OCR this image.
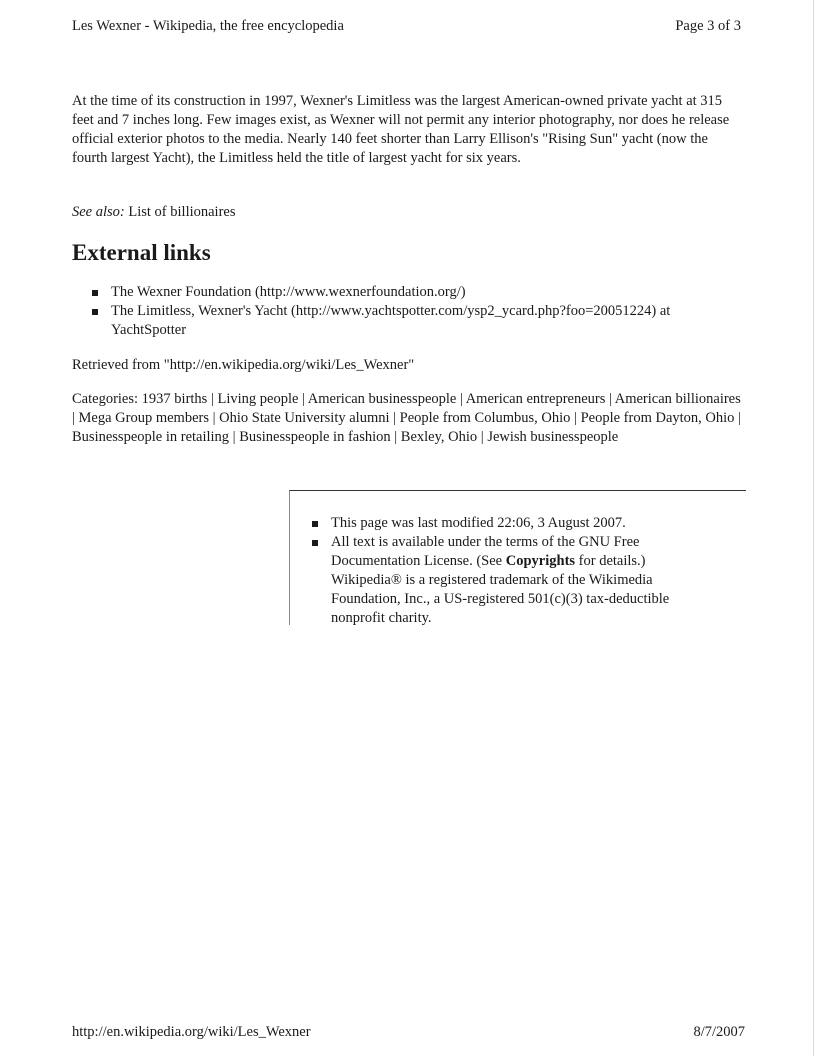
Les Wexner - Wikipedia, the free encyclopedia	Page 3 of 3

At the time of its construction in 1997, Wexner's Limitless was the largest American-owned private yacht at 315 feet and 7 inches long. Few images exist, as Wexner will not permit any interior photography, nor does he release official exterior photos to the media. Nearly 140 feet shorter than Larry Ellison's "Rising Sun" yacht (now the fourth largest Yacht), the Limitless held the title of largest yacht for six years.

See also: List of billionaires

External links
The Wexner Foundation (http://www.wexnerfoundation.org/)
The Limitless, Wexner's Yacht (http://www.yachtspotter.com/ysp2_ycard.php?foo=20051224) at YachtSpotter

Retrieved from "http://en.wikipedia.org/wiki/Les_Wexner"

Categories: 1937 births | Living people | American businesspeople | American entrepreneurs | American billionaires | Mega Group members | Ohio State University alumni | People from Columbus, Ohio | People from Dayton, Ohio | Businesspeople in retailing | Businesspeople in fashion | Bexley, Ohio | Jewish businesspeople

This page was last modified 22:06, 3 August 2007.
All text is available under the terms of the GNU Free Documentation License. (See Copyrights for details.) Wikipedia® is a registered trademark of the Wikimedia Foundation, Inc., a US-registered 501(c)(3) tax-deductible nonprofit charity.
http://en.wikipedia.org/wiki/Les_Wexner	8/7/2007
